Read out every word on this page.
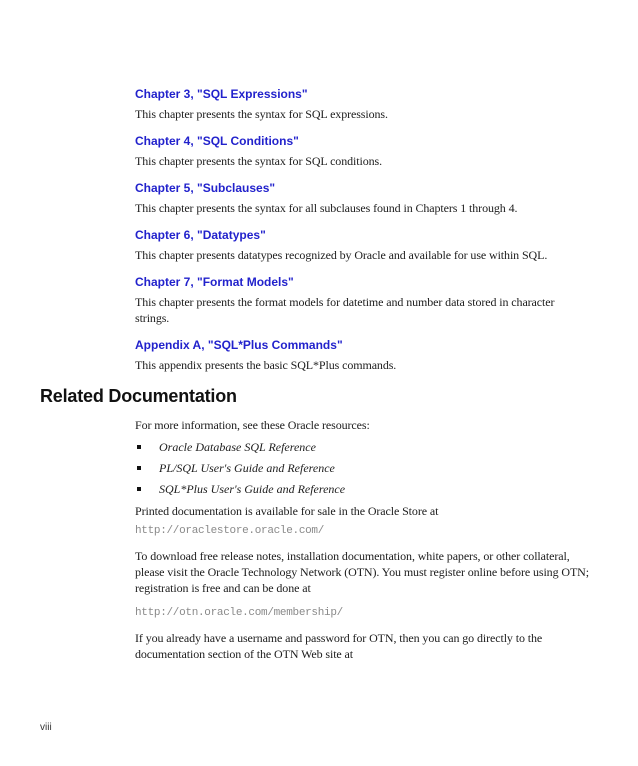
Chapter 3, "SQL Expressions"

This chapter presents the syntax for SQL expressions.

Chapter 4, "SQL Conditions"

This chapter presents the syntax for SQL conditions.

Chapter 5, "Subclauses"

This chapter presents the syntax for all subclauses found in Chapters 1 through 4.

Chapter 6, "Datatypes"

This chapter presents datatypes recognized by Oracle and available for use within SQL.

Chapter 7, "Format Models"

This chapter presents the format models for datetime and number data stored in character strings.

Appendix A, "SQL*Plus Commands"

This appendix presents the basic SQL*Plus commands.

Related Documentation

For more information, see these Oracle resources:

Oracle Database SQL Reference
PL/SQL User's Guide and Reference
SQL*Plus User's Guide and Reference

Printed documentation is available for sale in the Oracle Store at

http://oraclestore.oracle.com/

To download free release notes, installation documentation, white papers, or other collateral, please visit the Oracle Technology Network (OTN). You must register online before using OTN; registration is free and can be done at

http://otn.oracle.com/membership/

If you already have a username and password for OTN, then you can go directly to the documentation section of the OTN Web site at

viii
